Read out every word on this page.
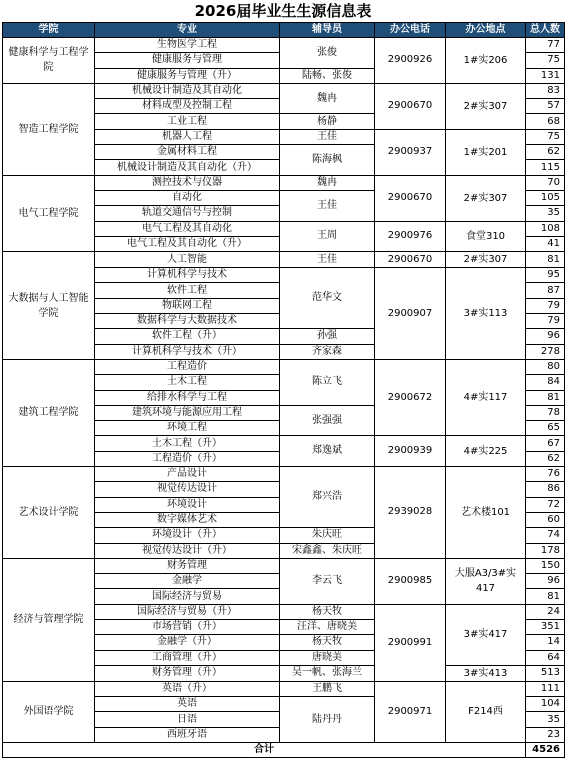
2026届毕业生生源信息表
学院	专业	辅导员	办公电话	办公地点	总人数
健康科学与工程学院	生物医学工程	张俊	2900926	1#实206	77
	健康服务与管理				75
	健康服务与管理（升）	陆畅、张俊			131
智造工程学院	机械设计制造及其自动化	魏冉	2900670	2#实307	83
	材料成型及控制工程				57
	工业工程	杨静			68
	机器人工程	王佳	2900937	1#实201	75
	金属材料工程	陈海枫			62
	机械设计制造及其自动化（升）				115
电气工程学院	测控技术与仪器	魏冉	2900670	2#实307	70
	自动化	王佳			105
	轨道交通信号与控制				35
	电气工程及其自动化	王周	2900976	食堂310	108
	电气工程及其自动化（升）				41
大数据与人工智能学院	人工智能	王佳	2900670	2#实307	81
	计算机科学与技术	范华文	2900907	3#实113	95
	软件工程				87
	物联网工程				79
	数据科学与大数据技术				79
	软件工程（升）	孙强			96
	计算机科学与技术（升）	齐家森			278
建筑工程学院	工程造价	陈立飞	2900672	4#实117	80
	土木工程				84
	给排水科学与工程				81
	建筑环境与能源应用工程	张强强			78
	环境工程				65
	土木工程（升）	郑逸斌	2900939	4#实225	67
	工程造价（升）				62
艺术设计学院	产品设计	郑兴浩	2939028	艺术楼101	76
	视觉传达设计				86
	环境设计				72
	数字媒体艺术				60
	环境设计（升）	朱庆旺			74
	视觉传达设计（升）	宋鑫鑫、朱庆旺			178
经济与管理学院	财务管理	李云飞	2900985	大服A3/3#实417	150
	金融学				96
	国际经济与贸易				81
	国际经济与贸易（升）	杨天牧	2900991	3#实417	24
	市场营销（升）	汪洋、唐晓美			351
	金融学（升）	杨天牧			14
	工商管理（升）	唐晓美			64
	财务管理（升）	吴一帆、张海兰		3#实413	513
外国语学院	英语（升）	王鹏飞	2900971	F214西	111
	英语	陆丹丹			104
	日语				35
	西班牙语				23
合计					4526
